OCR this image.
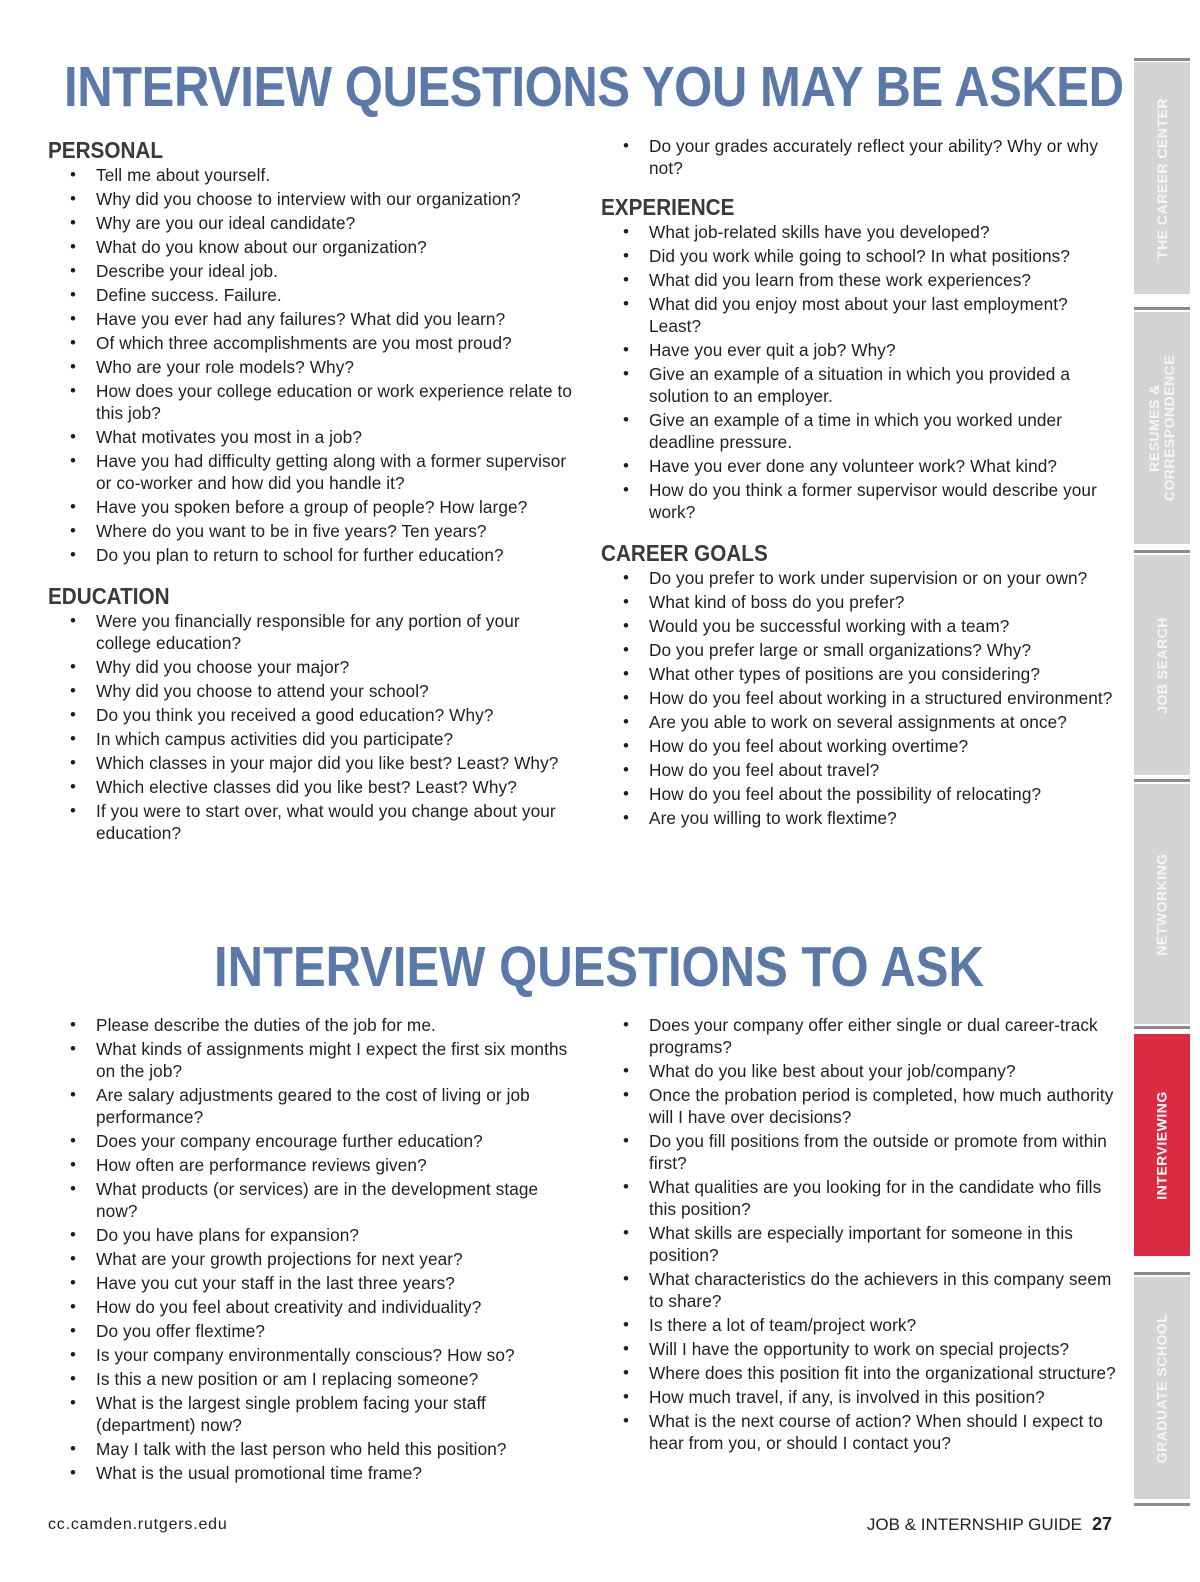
INTERVIEW QUESTIONS YOU MAY BE ASKED
PERSONAL
• Tell me about yourself.
• Why did you choose to interview with our organization?
• Why are you our ideal candidate?
• What do you know about our organization?
• Describe your ideal job.
• Define success. Failure.
• Have you ever had any failures? What did you learn?
• Of which three accomplishments are you most proud?
• Who are your role models? Why?
• How does your college education or work experience relate to this job?
• What motivates you most in a job?
• Have you had difficulty getting along with a former supervisor or co-worker and how did you handle it?
• Have you spoken before a group of people? How large?
• Where do you want to be in five years? Ten years?
• Do you plan to return to school for further education?
EDUCATION
• Were you financially responsible for any portion of your college education?
• Why did you choose your major?
• Why did you choose to attend your school?
• Do you think you received a good education? Why?
• In which campus activities did you participate?
• Which classes in your major did you like best? Least? Why?
• Which elective classes did you like best? Least? Why?
• If you were to start over, what would you change about your education?
• Do your grades accurately reflect your ability? Why or why not?
EXPERIENCE
• What job-related skills have you developed?
• Did you work while going to school? In what positions?
• What did you learn from these work experiences?
• What did you enjoy most about your last employment? Least?
• Have you ever quit a job? Why?
• Give an example of a situation in which you provided a solution to an employer.
• Give an example of a time in which you worked under deadline pressure.
• Have you ever done any volunteer work? What kind?
• How do you think a former supervisor would describe your work?
CAREER GOALS
• Do you prefer to work under supervision or on your own?
• What kind of boss do you prefer?
• Would you be successful working with a team?
• Do you prefer large or small organizations? Why?
• What other types of positions are you considering?
• How do you feel about working in a structured environment?
• Are you able to work on several assignments at once?
• How do you feel about working overtime?
• How do you feel about travel?
• How do you feel about the possibility of relocating?
• Are you willing to work flextime?
INTERVIEW QUESTIONS TO ASK
• Please describe the duties of the job for me.
• What kinds of assignments might I expect the first six months on the job?
• Are salary adjustments geared to the cost of living or job performance?
• Does your company encourage further education?
• How often are performance reviews given?
• What products (or services) are in the development stage now?
• Do you have plans for expansion?
• What are your growth projections for next year?
• Have you cut your staff in the last three years?
• How do you feel about creativity and individuality?
• Do you offer flextime?
• Is your company environmentally conscious? How so?
• Is this a new position or am I replacing someone?
• What is the largest single problem facing your staff (department) now?
• May I talk with the last person who held this position?
• What is the usual promotional time frame?
• Does your company offer either single or dual career-track programs?
• What do you like best about your job/company?
• Once the probation period is completed, how much authority will I have over decisions?
• Do you fill positions from the outside or promote from within first?
• What qualities are you looking for in the candidate who fills this position?
• What skills are especially important for someone in this position?
• What characteristics do the achievers in this company seem to share?
• Is there a lot of team/project work?
• Will I have the opportunity to work on special projects?
• Where does this position fit into the organizational structure?
• How much travel, if any, is involved in this position?
• What is the next course of action? When should I expect to hear from you, or should I contact you?
cc.camden.rutgers.edu	JOB & INTERNSHIP GUIDE 27
THE CAREER CENTER
RESUMES & CORRESPONDENCE
JOB SEARCH
NETWORKING
INTERVIEWING
GRADUATE SCHOOL
